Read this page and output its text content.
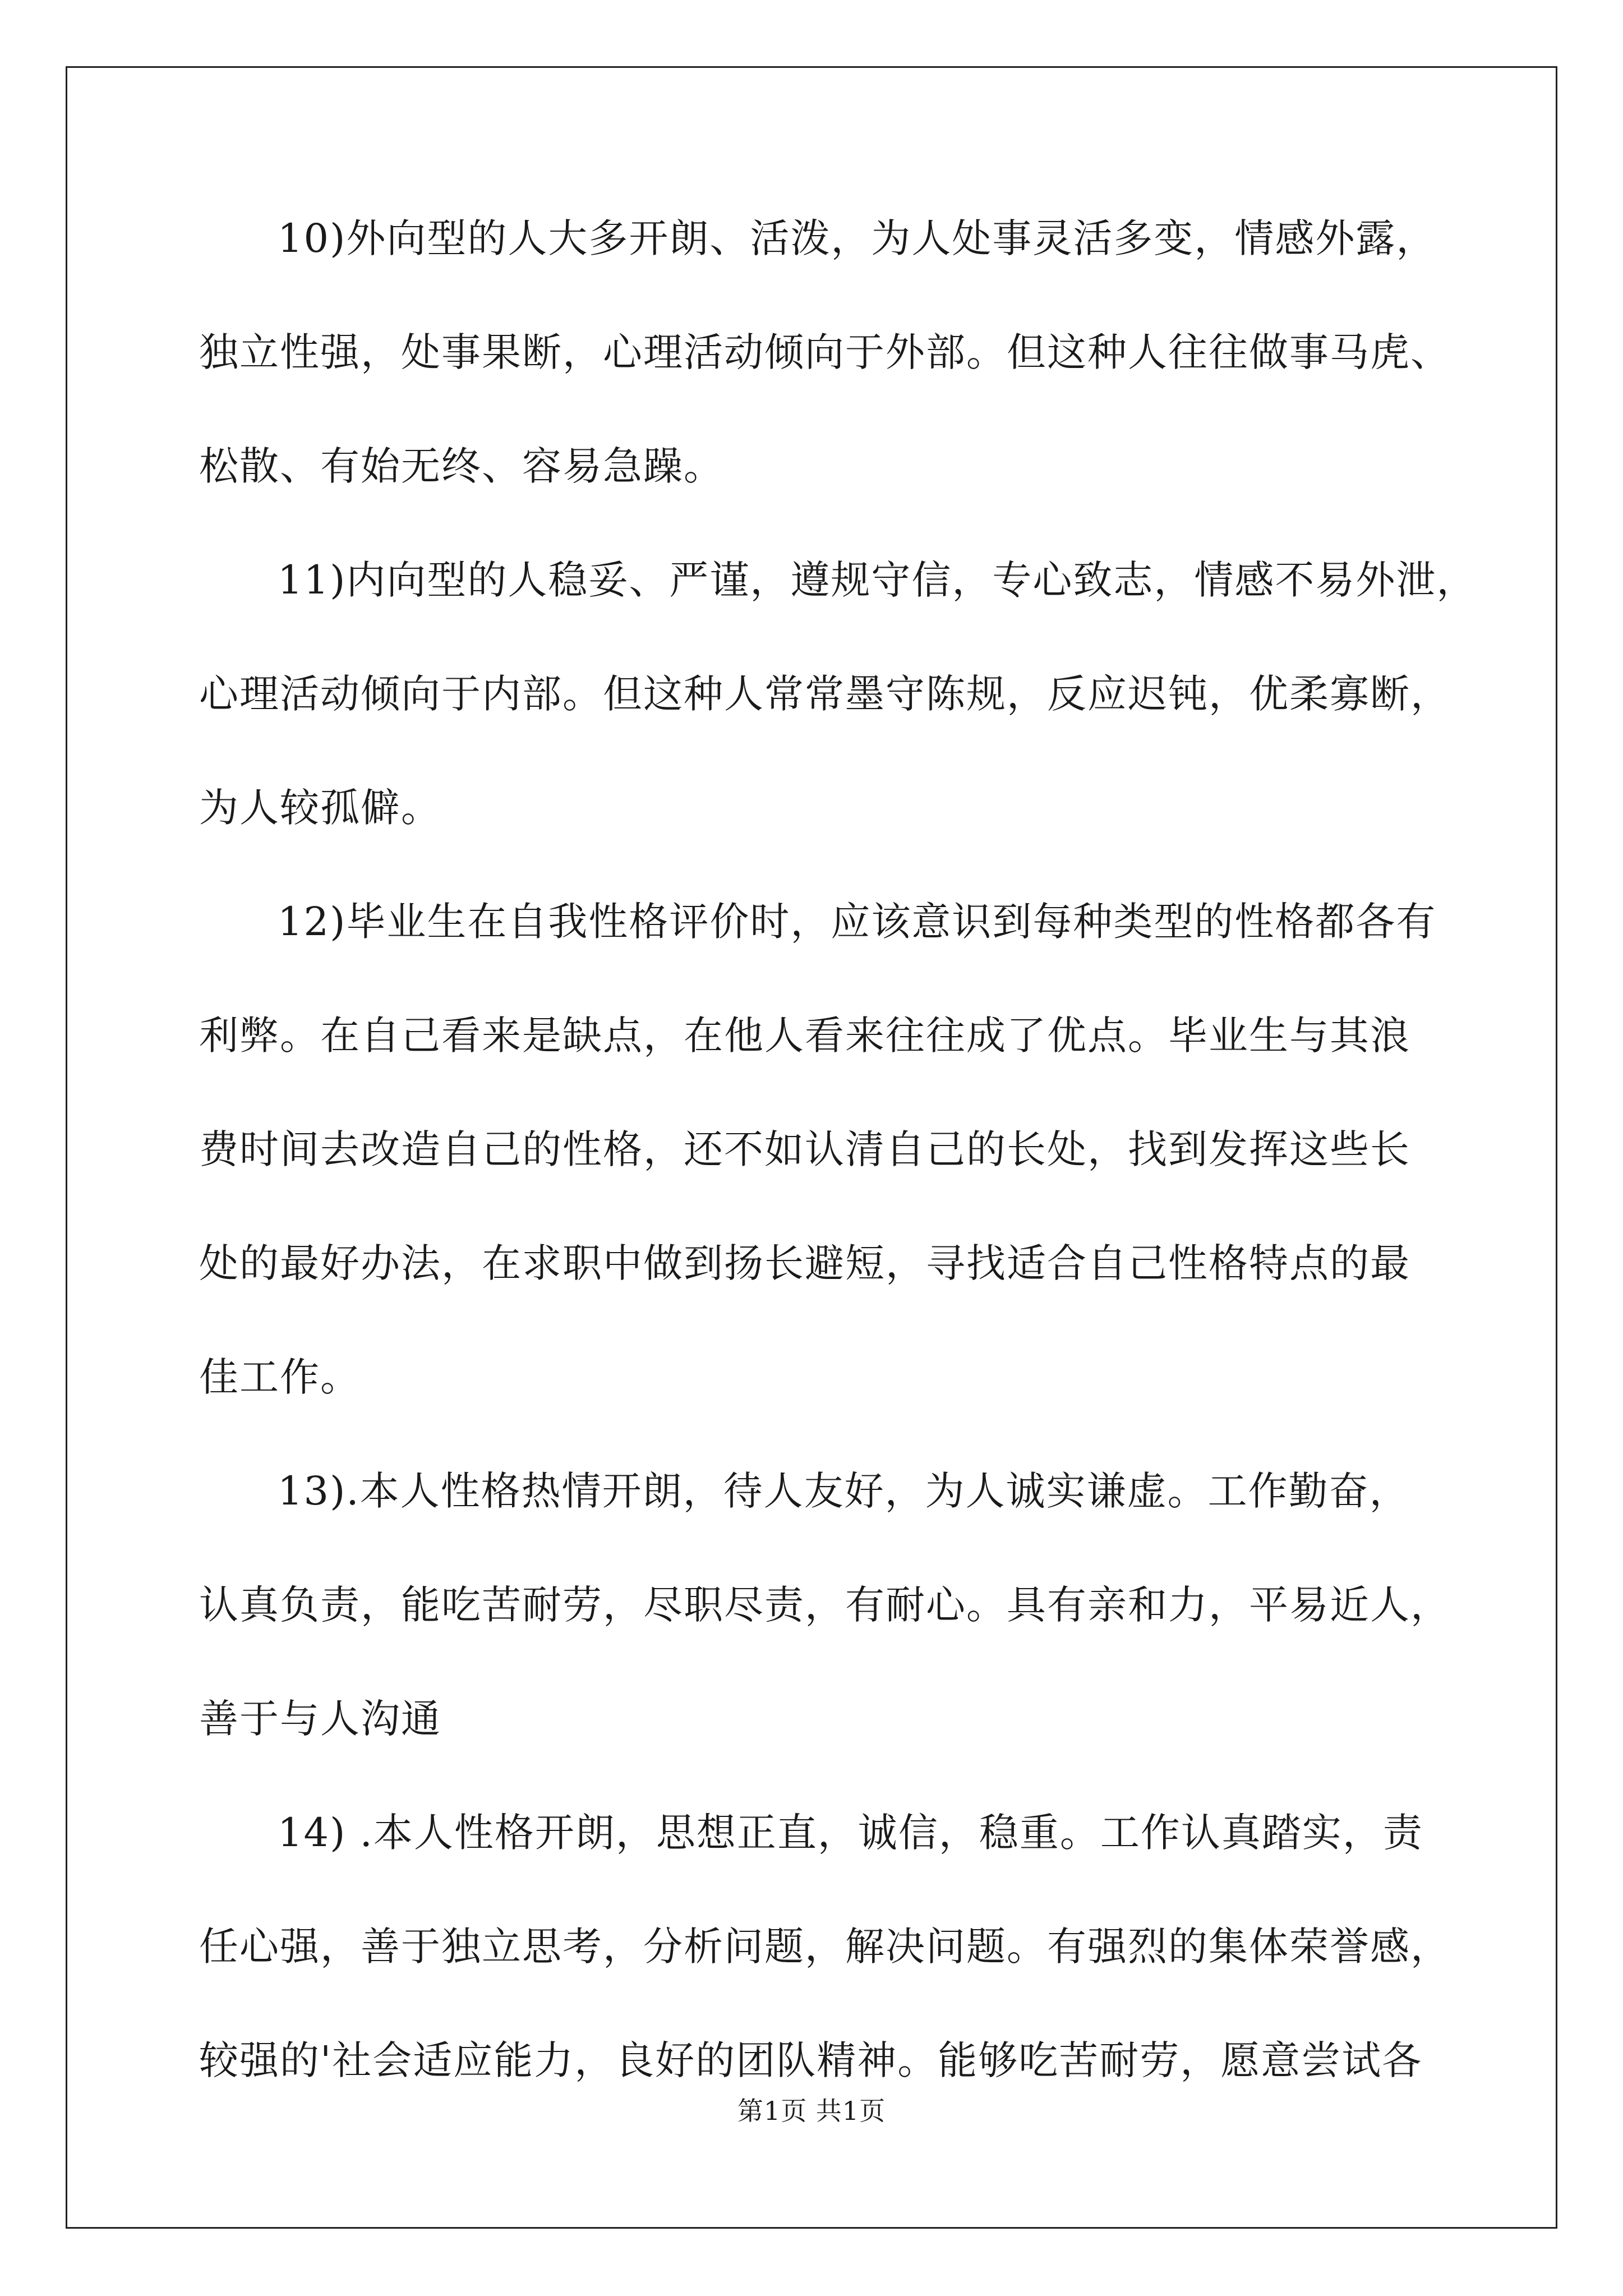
10)外向型的人大多开朗、活泼，为人处事灵活多变，情感外露，
独立性强，处事果断，心理活动倾向于外部。但这种人往往做事马虎、
松散、有始无终、容易急躁。
11)内向型的人稳妥、严谨，遵规守信，专心致志，情感不易外泄，
心理活动倾向于内部。但这种人常常墨守陈规，反应迟钝，优柔寡断，
为人较孤僻。
12)毕业生在自我性格评价时，应该意识到每种类型的性格都各有
利弊。在自己看来是缺点，在他人看来往往成了优点。毕业生与其浪
费时间去改造自己的性格，还不如认清自己的长处，找到发挥这些长
处的最好办法，在求职中做到扬长避短，寻找适合自己性格特点的最
佳工作。
13).本人性格热情开朗，待人友好，为人诚实谦虚。工作勤奋，
认真负责，能吃苦耐劳，尽职尽责，有耐心。具有亲和力，平易近人，
善于与人沟通
14) .本人性格开朗，思想正直，诚信，稳重。工作认真踏实，责
任心强，善于独立思考，分析问题，解决问题。有强烈的集体荣誉感，
较强的'社会适应能力，良好的团队精神。能够吃苦耐劳，愿意尝试各
第1页 共1页
